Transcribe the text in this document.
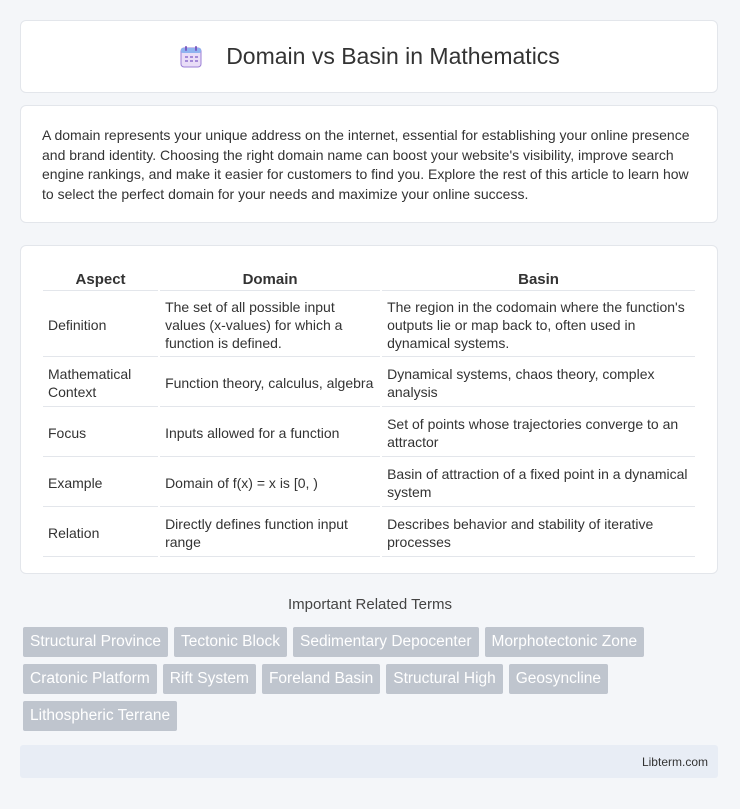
Domain vs Basin in Mathematics

A domain represents your unique address on the internet, essential for establishing your online presence and brand identity. Choosing the right domain name can boost your website's visibility, improve search engine rankings, and make it easier for customers to find you. Explore the rest of this article to learn how to select the perfect domain for your needs and maximize your online success.

Aspect	Domain	Basin
Definition	The set of all possible input values (x-values) for which a function is defined.	The region in the codomain where the function's outputs lie or map back to, often used in dynamical systems.
Mathematical Context	Function theory, calculus, algebra	Dynamical systems, chaos theory, complex analysis
Focus	Inputs allowed for a function	Set of points whose trajectories converge to an attractor
Example	Domain of f(x) = x is [0, )	Basin of attraction of a fixed point in a dynamical system
Relation	Directly defines function input range	Describes behavior and stability of iterative processes
Important Related Terms
Structural Province	Tectonic Block	Sedimentary Depocenter	Morphotectonic Zone
Cratonic Platform	Rift System	Foreland Basin	Structural High	Geosyncline
Lithospheric Terrane
Libterm.com
